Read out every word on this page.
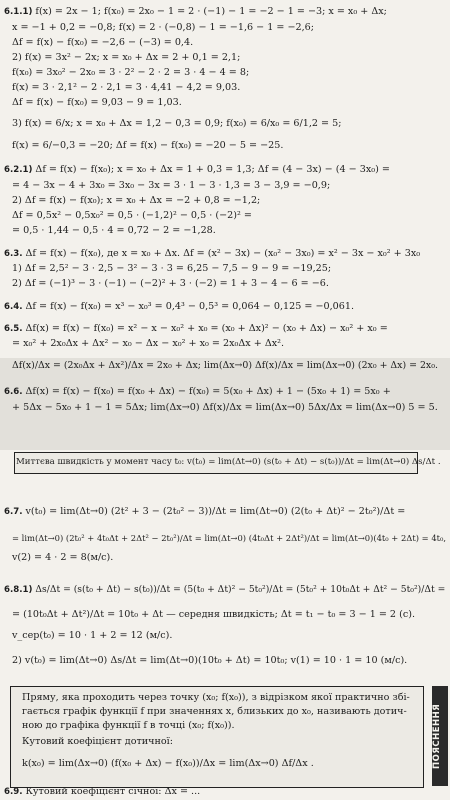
ПОЯСНЕННЯ
6.1.1) f(x) = 2x − 1; f(x₀) = 2x₀ − 1 = 2 · (−1) − 1 = −2 − 1 = −3; x = x₀ + Δx;
x = −1 + 0,2 = −0,8; f(x) = 2 · (−0,8) − 1 = −1,6 − 1 = −2,6;
Δf = f(x) − f(x₀) = −2,6 − (−3) = 0,4.
2) f(x) = 3x² − 2x; x = x₀ + Δx = 2 + 0,1 = 2,1;
f(x₀) = 3x₀² − 2x₀ = 3 · 2² − 2 · 2 = 3 · 4 − 4 = 8;
f(x) = 3 · 2,1² − 2 · 2,1 = 3 · 4,41 − 4,2 = 9,03.
Δf = f(x) − f(x₀) = 9,03 − 9 = 1,03.
3) f(x) = 6/x; x = x₀ + Δx = 1,2 − 0,3 = 0,9; f(x₀) = 6/x₀ = 6/1,2 = 5;
f(x) = 6/−0,3 = −20; Δf = f(x) − f(x₀) = −20 − 5 = −25.
6.2.1) Δf = f(x) − f(x₀); x = x₀ + Δx = 1 + 0,3 = 1,3; Δf = (4 − 3x) − (4 − 3x₀) =
= 4 − 3x − 4 + 3x₀ = 3x₀ − 3x = 3 · 1 − 3 · 1,3 = 3 − 3,9 = −0,9;
2) Δf = f(x) − f(x₀); x = x₀ + Δx = −2 + 0,8 = −1,2;
Δf = 0,5x² − 0,5x₀² = 0,5 · (−1,2)² − 0,5 · (−2)² =
= 0,5 · 1,44 − 0,5 · 4 = 0,72 − 2 = −1,28.
6.3. Δf = f(x) − f(x₀), де x = x₀ + Δx. Δf = (x² − 3x) − (x₀² − 3x₀) = x² − 3x − x₀² + 3x₀
1) Δf = 2,5² − 3 · 2,5 − 3² − 3 · 3 = 6,25 − 7,5 − 9 − 9 = −19,25;
2) Δf = (−1)³ − 3 · (−1) − (−2)² + 3 · (−2) = 1 + 3 − 4 − 6 = −6.
6.4. Δf = f(x) − f(x₀) = x³ − x₀³ = 0,4³ − 0,5³ = 0,064 − 0,125 = −0,061.
6.5. Δf(x) = f(x) − f(x₀) = x² − x − x₀² + x₀ = (x₀ + Δx)² − (x₀ + Δx) − x₀² + x₀ =
= x₀² + 2x₀Δx + Δx² − x₀ − Δx − x₀² + x₀ = 2x₀Δx + Δx².
Δf(x)/Δx = (2x₀Δx + Δx²)/Δx = 2x₀ + Δx; lim(Δx→0) Δf(x)/Δx = lim(Δx→0) (2x₀ + Δx) = 2x₀.
6.6. Δf(x) = f(x) − f(x₀) = f(x₀ + Δx) − f(x₀) = 5(x₀ + Δx) + 1 − (5x₀ + 1) = 5x₀ +
+ 5Δx − 5x₀ + 1 − 1 = 5Δx; lim(Δx→0) Δf(x)/Δx = lim(Δx→0) 5Δx/Δx = lim(Δx→0) 5 = 5.
Миттєва швидкість у момент часу t₀: v(t₀) = lim(Δt→0) (s(t₀ + Δt) − s(t₀))/Δt = lim(Δt→0) Δs/Δt .
6.7. v(t₀) = lim(Δt→0) (2t² + 3 − (2t₀² − 3))/Δt = lim(Δt→0) (2(t₀ + Δt)² − 2t₀²)/Δt =
= lim(Δt→0) (2t₀² + 4t₀Δt + 2Δt² − 2t₀²)/Δt = lim(Δt→0) (4t₀Δt + 2Δt²)/Δt = lim(Δt→0)(4t₀ + 2Δt) = 4t₀,
v(2) = 4 · 2 = 8(м/с).
6.8.1) Δs/Δt = (s(t₀ + Δt) − s(t₀))/Δt = (5(t₀ + Δt)² − 5t₀²)/Δt = (5t₀² + 10t₀Δt + Δt² − 5t₀²)/Δt =
= (10t₀Δt + Δt²)/Δt = 10t₀ + Δt — середня швидкість; Δt = t₁ − t₀ = 3 − 1 = 2 (с).
v_сер(t₀) = 10 · 1 + 2 = 12 (м/с).
2) v(t₀) = lim(Δt→0) Δs/Δt = lim(Δt→0)(10t₀ + Δt) = 10t₀; v(1) = 10 · 1 = 10 (м/с).
Пряму, яка проходить через точку (x₀; f(x₀)), з відрізком якої практично збі-
гається графік функції f при значеннях x, близьких до x₀, називають дотич-
ною до графіка функції f в точці (x₀; f(x₀)).
Кутовий коефіцієнт дотичної:
k(x₀) = lim(Δx→0) (f(x₀ + Δx) − f(x₀))/Δx = lim(Δx→0) Δf/Δx .
6.9. Кутовий коефіцієнт січної: Δx = ...
